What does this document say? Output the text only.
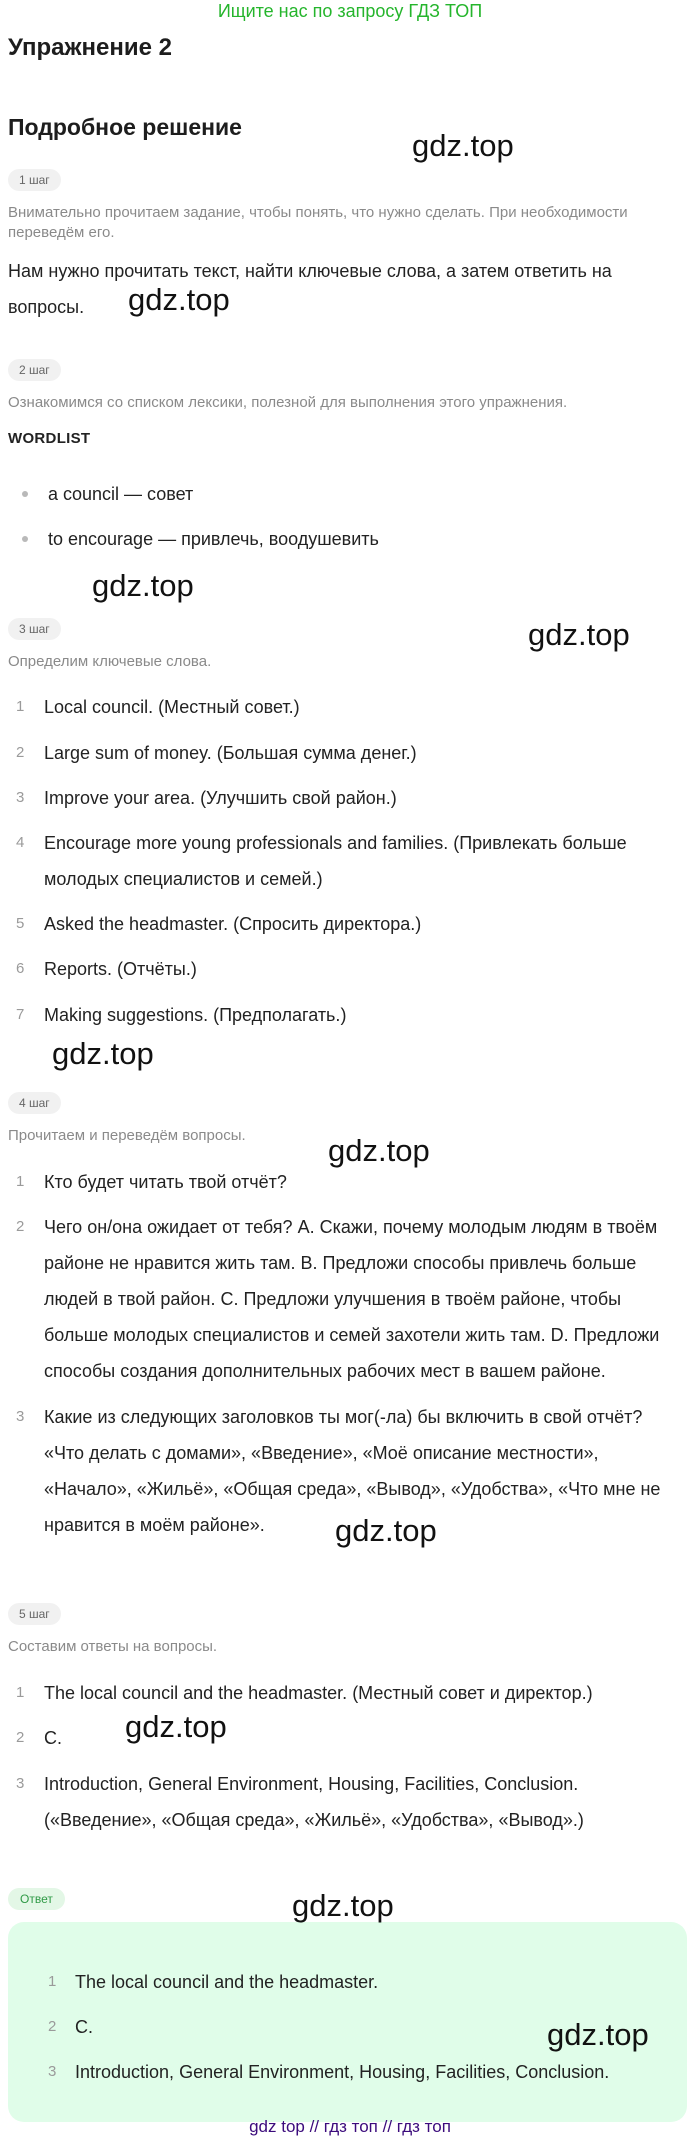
Ищите нас по запросу ГДЗ ТОП
Упражнение 2
Подробное решение
1 шаг
Внимательно прочитаем задание, чтобы понять, что нужно сделать. При необходимости переведём его.
Нам нужно прочитать текст, найти ключевые слова, а затем ответить на вопросы.
2 шаг
Ознакомимся со списком лексики, полезной для выполнения этого упражнения.
WORDLIST
a council — совет
to encourage — привлечь, воодушевить
3 шаг
Определим ключевые слова.
1	Local council. (Местный совет.)
2	Large sum of money. (Большая сумма денег.)
3	Improve your area. (Улучшить свой район.)
4	Encourage more young professionals and families. (Привлекать больше молодых специалистов и семей.)
5	Asked the headmaster. (Спросить директора.)
6	Reports. (Отчёты.)
7	Making suggestions. (Предполагать.)
4 шаг
Прочитаем и переведём вопросы.
1	Кто будет читать твой отчёт?
2	Чего он/она ожидает от тебя? A. Скажи, почему молодым людям в твоём районе не нравится жить там. B. Предложи способы привлечь больше людей в твой район. C. Предложи улучшения в твоём районе, чтобы больше молодых специалистов и семей захотели жить там. D. Предложи способы создания дополнительных рабочих мест в вашем районе.
3	Какие из следующих заголовков ты мог(-ла) бы включить в свой отчёт? «Что делать с домами», «Введение», «Моё описание местности», «Начало», «Жильё», «Общая среда», «Вывод», «Удобства», «Что мне не нравится в моём районе».
5 шаг
Составим ответы на вопросы.
1	The local council and the headmaster. (Местный совет и директор.)
2	C.
3	Introduction, General Environment, Housing, Facilities, Conclusion. («Введение», «Общая среда», «Жильё», «Удобства», «Вывод».)
Ответ
1 The local council and the headmaster.
2 C.
3 Introduction, General Environment, Housing, Facilities, Conclusion.
gdz.top
gdz.top
gdz.top
gdz.top
gdz.top
gdz.top
gdz.top
gdz.top
gdz.top
gdz.top
gdz top // гдз топ // гдз топ
